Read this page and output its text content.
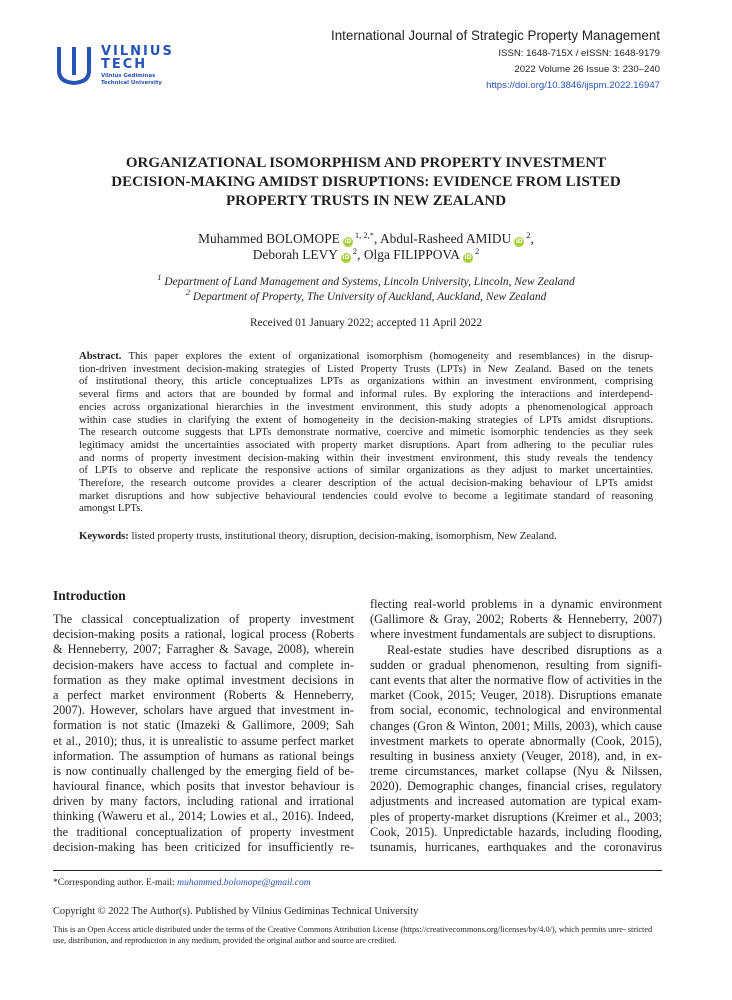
VILNIUS
TECH
Vilnius Gediminas
Technical University
International Journal of Strategic Property Management
ISSN: 1648-715X / eISSN: 1648-9179
2022 Volume 26 Issue 3: 230–240
https://doi.org/10.3846/ijspm.2022.16947
ORGANIZATIONAL ISOMORPHISM AND PROPERTY INVESTMENT
DECISION-MAKING AMIDST DISRUPTIONS: EVIDENCE FROM LISTED
PROPERTY TRUSTS IN NEW ZEALAND
Muhammed BOLOMOPE $iD^{1, 2,*}$, Abdul-Rasheed AMIDU $iD^2$,
Deborah LEVY $iD^2$, Olga FILIPPOVA $iD^2$
$^1$ Department of Land Management and Systems, Lincoln University, Lincoln, New Zealand
$^2$ Department of Property, The University of Auckland, Auckland, New Zealand
Received 01 January 2022; accepted 11 April 2022
Abstract. This paper explores the extent of organizational isomorphism (homogeneity and resemblances) in the disrup-
tion-driven investment decision-making strategies of Listed Property Trusts (LPTs) in New Zealand. Based on the tenets
of institutional theory, this article conceptualizes LPTs as organizations within an investment environment, comprising
several firms and actors that are bounded by formal and informal rules. By exploring the interactions and interdepend-
encies across organizational hierarchies in the investment environment, this study adopts a phenomenological approach
within case studies in clarifying the extent of homogeneity in the decision-making strategies of LPTs amidst disruptions.
The research outcome suggests that LPTs demonstrate normative, coercive and mimetic isomorphic tendencies as they seek
legitimacy amidst the uncertainties associated with property market disruptions. Apart from adhering to the peculiar rules
and norms of property investment decision-making within their investment environment, this study reveals the tendency
of LPTs to observe and replicate the responsive actions of similar organizations as they adjust to market uncertainties.
Therefore, the research outcome provides a clearer description of the actual decision-making behaviour of LPTs amidst
market disruptions and how subjective behavioural tendencies could evolve to become a legitimate standard of reasoning
amongst LPTs.
Keywords: listed property trusts, institutional theory, disruption, decision-making, isomorphism, New Zealand.
Introduction
The classical conceptualization of property investment
decision-making posits a rational, logical process (Roberts
& Henneberry, 2007; Farragher & Savage, 2008), wherein
decision-makers have access to factual and complete in-
formation as they make optimal investment decisions in
a perfect market environment (Roberts & Henneberry,
2007). However, scholars have argued that investment in-
formation is not static (Imazeki & Gallimore, 2009; Sah
et al., 2010); thus, it is unrealistic to assume perfect market
information. The assumption of humans as rational beings
is now continually challenged by the emerging field of be-
havioural finance, which posits that investor behaviour is
driven by many factors, including rational and irrational
thinking (Waweru et al., 2014; Lowies et al., 2016). Indeed,
the traditional conceptualization of property investment
decision-making has been criticized for insufficiently re-
flecting real-world problems in a dynamic environment
(Gallimore & Gray, 2002; Roberts & Henneberry, 2007)
where investment fundamentals are subject to disruptions.
Real-estate studies have described disruptions as a
sudden or gradual phenomenon, resulting from signifi-
cant events that alter the normative flow of activities in the
market (Cook, 2015; Veuger, 2018). Disruptions emanate
from social, economic, technological and environmental
changes (Gron & Winton, 2001; Mills, 2003), which cause
investment markets to operate abnormally (Cook, 2015),
resulting in business anxiety (Veuger, 2018), and, in ex-
treme circumstances, market collapse (Nyu & Nilssen,
2020). Demographic changes, financial crises, regulatory
adjustments and increased automation are typical exam-
ples of property-market disruptions (Kreimer et al., 2003;
Cook, 2015). Unpredictable hazards, including flooding,
tsunamis, hurricanes, earthquakes and the coronavirus
*Corresponding author. E-mail: muhammed.bolomope@gmail.com
Copyright © 2022 The Author(s). Published by Vilnius Gediminas Technical University
This is an Open Access article distributed under the terms of the Creative Commons Attribution License (https://creativecommons.org/licenses/by/4.0/), which permits unre- stricted use, distribution, and reproduction in any medium, provided the original author and source are credited.
